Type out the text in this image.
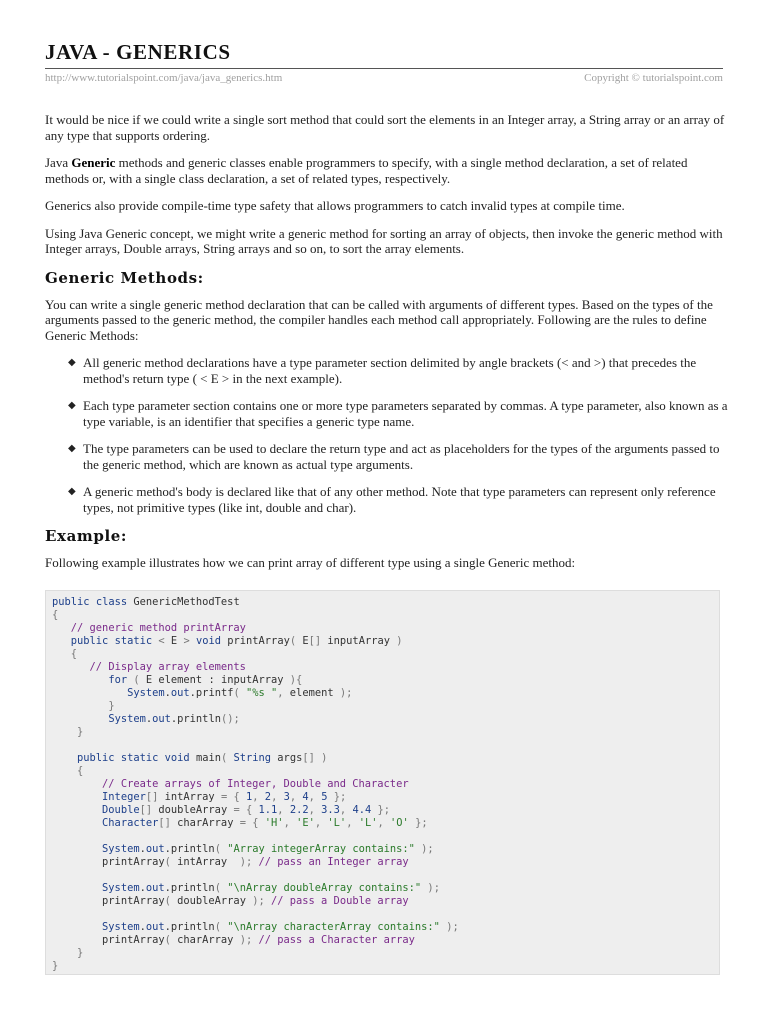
JAVA - GENERICS
http://www.tutorialspoint.com/java/java_generics.htm	Copyright © tutorialspoint.com

It would be nice if we could write a single sort method that could sort the elements in an Integer array, a String array or an array of any type that supports ordering.

Java Generic methods and generic classes enable programmers to specify, with a single method declaration, a set of related methods or, with a single class declaration, a set of related types, respectively.

Generics also provide compile-time type safety that allows programmers to catch invalid types at compile time.

Using Java Generic concept, we might write a generic method for sorting an array of objects, then invoke the generic method with Integer arrays, Double arrays, String arrays and so on, to sort the array elements.

Generic Methods:

You can write a single generic method declaration that can be called with arguments of different types. Based on the types of the arguments passed to the generic method, the compiler handles each method call appropriately. Following are the rules to define Generic Methods:

◆ All generic method declarations have a type parameter section delimited by angle brackets (< and >) that precedes the method's return type ( < E > in the next example).
◆ Each type parameter section contains one or more type parameters separated by commas. A type parameter, also known as a type variable, is an identifier that specifies a generic type name.
◆ The type parameters can be used to declare the return type and act as placeholders for the types of the arguments passed to the generic method, which are known as actual type arguments.
◆ A generic method's body is declared like that of any other method. Note that type parameters can represent only reference types, not primitive types (like int, double and char).
Example:

Following example illustrates how we can print array of different type using a single Generic method:

public class GenericMethodTest
{
// generic method printArray
public static < E > void printArray( E[] inputArray )
{
// Display array elements
for ( E element : inputArray ){
System.out.printf( "%s ", element );
}
System.out.println();
}

public static void main( String args[] )
{
// Create arrays of Integer, Double and Character
Integer[] intArray = { 1, 2, 3, 4, 5 };
Double[] doubleArray = { 1.1, 2.2, 3.3, 4.4 };
Character[] charArray = { 'H', 'E', 'L', 'L', 'O' };

System.out.println( "Array integerArray contains:" );
printArray( intArray  ); // pass an Integer array

System.out.println( "\nArray doubleArray contains:" );
printArray( doubleArray ); // pass a Double array

System.out.println( "\nArray characterArray contains:" );
printArray( charArray ); // pass a Character array
}
}
